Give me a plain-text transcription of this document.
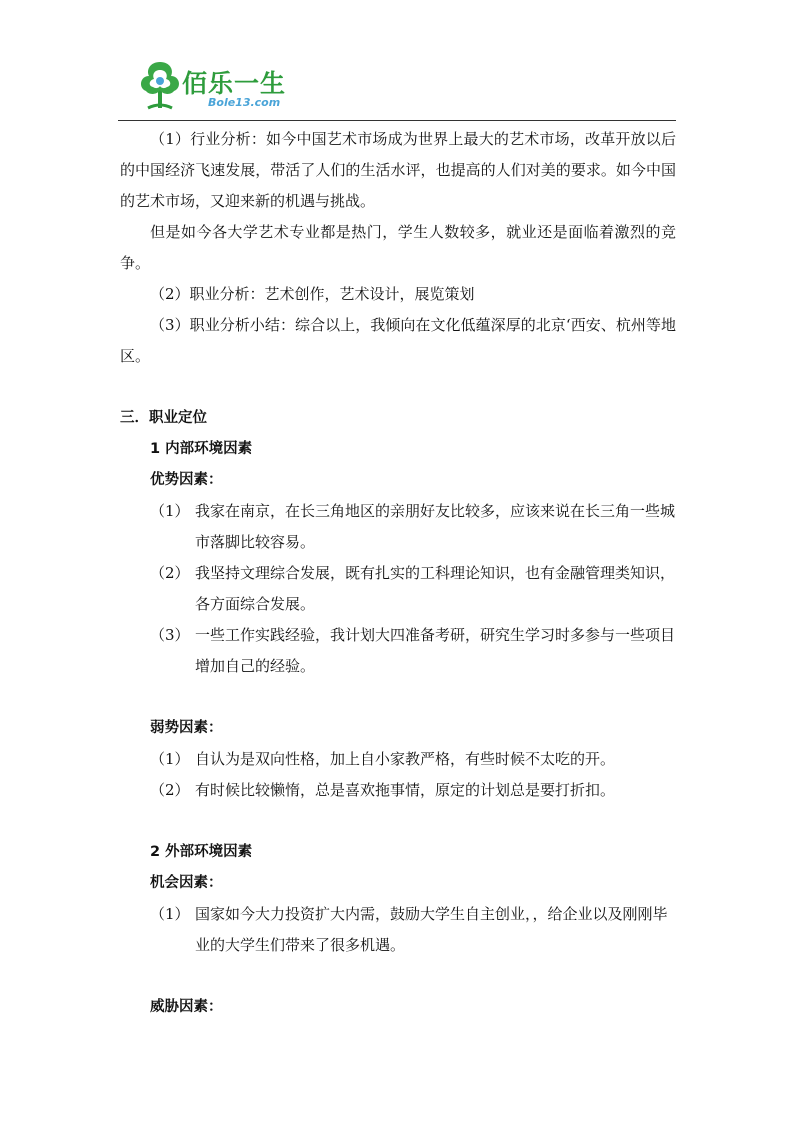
佰乐一生
Bole13.com

（1）行业分析：如今中国艺术市场成为世界上最大的艺术市场，改革开放以后的中国经济飞速发展，带活了人们的生活水评，也提高的人们对美的要求。如今中国的艺术市场，又迎来新的机遇与挑战。

但是如今各大学艺术专业都是热门，学生人数较多，就业还是面临着激烈的竞争。

（2）职业分析：艺术创作，艺术设计，展览策划

（3）职业分析小结：综合以上，我倾向在文化低蕴深厚的北京‘西安、杭州等地区。

三．职业定位

1 内部环境因素

优势因素：

（1） 我家在南京，在长三角地区的亲朋好友比较多，应该来说在长三角一些城市落脚比较容易。
（2） 我坚持文理综合发展，既有扎实的工科理论知识，也有金融管理类知识，各方面综合发展。
（3） 一些工作实践经验，我计划大四准备考研，研究生学习时多参与一些项目增加自己的经验。

弱势因素：

（1） 自认为是双向性格，加上自小家教严格，有些时候不太吃的开。
（2） 有时候比较懒惰，总是喜欢拖事情，原定的计划总是要打折扣。

2 外部环境因素

机会因素：

（1） 国家如今大力投资扩大内需，鼓励大学生自主创业，，给企业以及刚刚毕业的大学生们带来了很多机遇。

威胁因素：
